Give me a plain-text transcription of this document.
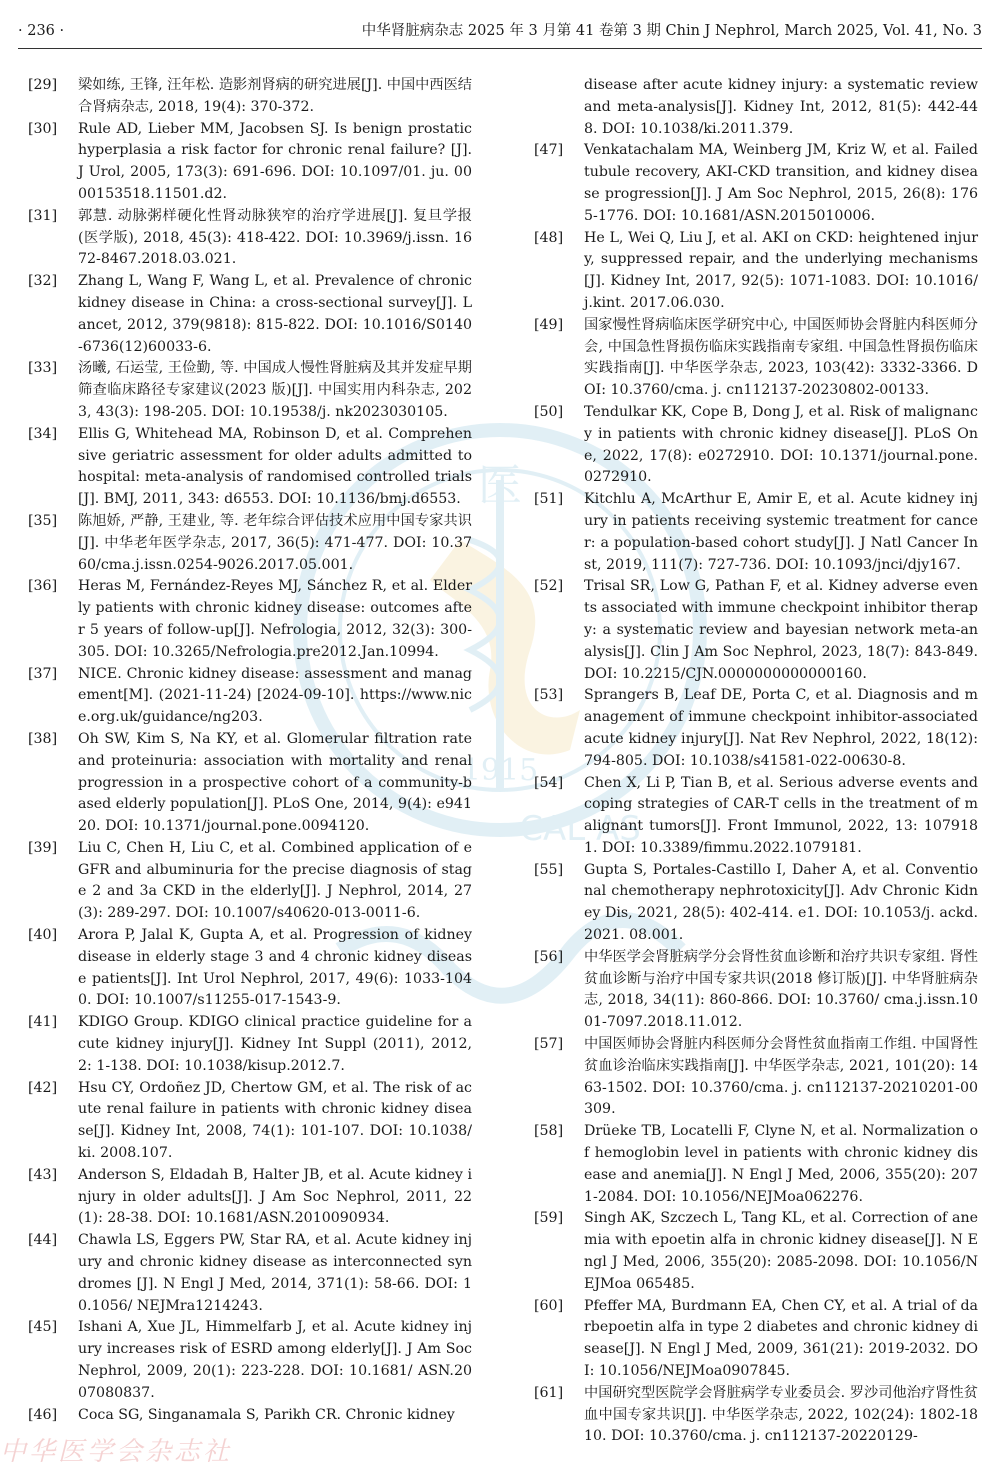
医
1915
CAL AS
· 236 ·	中华肾脏病杂志 2025 年 3 月第 41 卷第 3 期 Chin J Nephrol, March 2025, Vol. 41, No. 3
[29] 梁如练, 王锋, 汪年松. 造影剂肾病的研究进展[J]. 中国中西医结合肾病杂志, 2018, 19(4): 370-372.
[30] Rule AD, Lieber MM, Jacobsen SJ. Is benign prostatic hyperplasia a risk factor for chronic renal failure? [J]. J Urol, 2005, 173(3): 691-696. DOI: 10.1097/01. ju. 0000153518.11501.d2.
[31] 郭慧. 动脉粥样硬化性肾动脉狭窄的治疗学进展[J]. 复旦学报(医学版), 2018, 45(3): 418-422. DOI: 10.3969/j.issn. 1672-8467.2018.03.021.
[32] Zhang L, Wang F, Wang L, et al. Prevalence of chronic kidney disease in China: a cross-sectional survey[J]. Lancet, 2012, 379(9818): 815-822. DOI: 10.1016/S0140-6736(12)60033-6.
[33] 汤曦, 石运莹, 王俭勤, 等. 中国成人慢性肾脏病及其并发症早期筛查临床路径专家建议(2023 版)[J]. 中国实用内科杂志, 2023, 43(3): 198-205. DOI: 10.19538/j. nk2023030105.
[34] Ellis G, Whitehead MA, Robinson D, et al. Comprehensive geriatric assessment for older adults admitted to hospital: meta-analysis of randomised controlled trials[J]. BMJ, 2011, 343: d6553. DOI: 10.1136/bmj.d6553.
[35] 陈旭娇, 严静, 王建业, 等. 老年综合评估技术应用中国专家共识[J]. 中华老年医学杂志, 2017, 36(5): 471-477. DOI: 10.3760/cma.j.issn.0254-9026.2017.05.001.
[36] Heras M, Fernández-Reyes MJ, Sánchez R, et al. Elderly patients with chronic kidney disease: outcomes after 5 years of follow-up[J]. Nefrologia, 2012, 32(3): 300-305. DOI: 10.3265/Nefrologia.pre2012.Jan.10994.
[37] NICE. Chronic kidney disease: assessment and management[M]. (2021-11-24) [2024-09-10]. https://www.nice.org.uk/guidance/ng203.
[38] Oh SW, Kim S, Na KY, et al. Glomerular filtration rate and proteinuria: association with mortality and renal progression in a prospective cohort of a community-based elderly population[J]. PLoS One, 2014, 9(4): e94120. DOI: 10.1371/journal.pone.0094120.
[39] Liu C, Chen H, Liu C, et al. Combined application of eGFR and albuminuria for the precise diagnosis of stage 2 and 3a CKD in the elderly[J]. J Nephrol, 2014, 27(3): 289-297. DOI: 10.1007/s40620-013-0011-6.
[40] Arora P, Jalal K, Gupta A, et al. Progression of kidney disease in elderly stage 3 and 4 chronic kidney disease patients[J]. Int Urol Nephrol, 2017, 49(6): 1033-1040. DOI: 10.1007/s11255-017-1543-9.
[41] KDIGO Group. KDIGO clinical practice guideline for acute kidney injury[J]. Kidney Int Suppl (2011), 2012, 2: 1-138. DOI: 10.1038/kisup.2012.7.
[42] Hsu CY, Ordoñez JD, Chertow GM, et al. The risk of acute renal failure in patients with chronic kidney disease[J]. Kidney Int, 2008, 74(1): 101-107. DOI: 10.1038/ki. 2008.107.
[43] Anderson S, Eldadah B, Halter JB, et al. Acute kidney injury in older adults[J]. J Am Soc Nephrol, 2011, 22(1): 28-38. DOI: 10.1681/ASN.2010090934.
[44] Chawla LS, Eggers PW, Star RA, et al. Acute kidney injury and chronic kidney disease as interconnected syndromes [J]. N Engl J Med, 2014, 371(1): 58-66. DOI: 10.1056/ NEJMra1214243.
[45] Ishani A, Xue JL, Himmelfarb J, et al. Acute kidney injury increases risk of ESRD among elderly[J]. J Am Soc Nephrol, 2009, 20(1): 223-228. DOI: 10.1681/ ASN.2007080837.
[46] Coca SG, Singanamala S, Parikh CR. Chronic kidney
disease after acute kidney injury: a systematic review and meta-analysis[J]. Kidney Int, 2012, 81(5): 442-448. DOI: 10.1038/ki.2011.379.
[47] Venkatachalam MA, Weinberg JM, Kriz W, et al. Failed tubule recovery, AKI-CKD transition, and kidney disease progression[J]. J Am Soc Nephrol, 2015, 26(8): 1765-1776. DOI: 10.1681/ASN.2015010006.
[48] He L, Wei Q, Liu J, et al. AKI on CKD: heightened injury, suppressed repair, and the underlying mechanisms[J]. Kidney Int, 2017, 92(5): 1071-1083. DOI: 10.1016/j.kint. 2017.06.030.
[49] 国家慢性肾病临床医学研究中心, 中国医师协会肾脏内科医师分会, 中国急性肾损伤临床实践指南专家组. 中国急性肾损伤临床实践指南[J]. 中华医学杂志, 2023, 103(42): 3332-3366. DOI: 10.3760/cma. j. cn112137-20230802-00133.
[50] Tendulkar KK, Cope B, Dong J, et al. Risk of malignancy in patients with chronic kidney disease[J]. PLoS One, 2022, 17(8): e0272910. DOI: 10.1371/journal.pone.0272910.
[51] Kitchlu A, McArthur E, Amir E, et al. Acute kidney injury in patients receiving systemic treatment for cancer: a population-based cohort study[J]. J Natl Cancer Inst, 2019, 111(7): 727-736. DOI: 10.1093/jnci/djy167.
[52] Trisal SR, Low G, Pathan F, et al. Kidney adverse events associated with immune checkpoint inhibitor therapy: a systematic review and bayesian network meta-analysis[J]. Clin J Am Soc Nephrol, 2023, 18(7): 843-849. DOI: 10.2215/CJN.0000000000000160.
[53] Sprangers B, Leaf DE, Porta C, et al. Diagnosis and management of immune checkpoint inhibitor-associated acute kidney injury[J]. Nat Rev Nephrol, 2022, 18(12): 794-805. DOI: 10.1038/s41581-022-00630-8.
[54] Chen X, Li P, Tian B, et al. Serious adverse events and coping strategies of CAR-T cells in the treatment of malignant tumors[J]. Front Immunol, 2022, 13: 1079181. DOI: 10.3389/fimmu.2022.1079181.
[55] Gupta S, Portales-Castillo I, Daher A, et al. Conventional chemotherapy nephrotoxicity[J]. Adv Chronic Kidney Dis, 2021, 28(5): 402-414. e1. DOI: 10.1053/j. ackd. 2021. 08.001.
[56] 中华医学会肾脏病学分会肾性贫血诊断和治疗共识专家组. 肾性贫血诊断与治疗中国专家共识(2018 修订版)[J]. 中华肾脏病杂志, 2018, 34(11): 860-866. DOI: 10.3760/ cma.j.issn.1001-7097.2018.11.012.
[57] 中国医师协会肾脏内科医师分会肾性贫血指南工作组. 中国肾性贫血诊治临床实践指南[J]. 中华医学杂志, 2021, 101(20): 1463-1502. DOI: 10.3760/cma. j. cn112137-20210201-00309.
[58] Drüeke TB, Locatelli F, Clyne N, et al. Normalization of hemoglobin level in patients with chronic kidney disease and anemia[J]. N Engl J Med, 2006, 355(20): 2071-2084. DOI: 10.1056/NEJMoa062276.
[59] Singh AK, Szczech L, Tang KL, et al. Correction of anemia with epoetin alfa in chronic kidney disease[J]. N Engl J Med, 2006, 355(20): 2085-2098. DOI: 10.1056/NEJMoa 065485.
[60] Pfeffer MA, Burdmann EA, Chen CY, et al. A trial of darbepoetin alfa in type 2 diabetes and chronic kidney disease[J]. N Engl J Med, 2009, 361(21): 2019-2032. DOI: 10.1056/NEJMoa0907845.
[61] 中国研究型医院学会肾脏病学专业委员会. 罗沙司他治疗肾性贫血中国专家共识[J]. 中华医学杂志, 2022, 102(24): 1802-1810. DOI: 10.3760/cma. j. cn112137-20220129-
中华医学会杂志社
